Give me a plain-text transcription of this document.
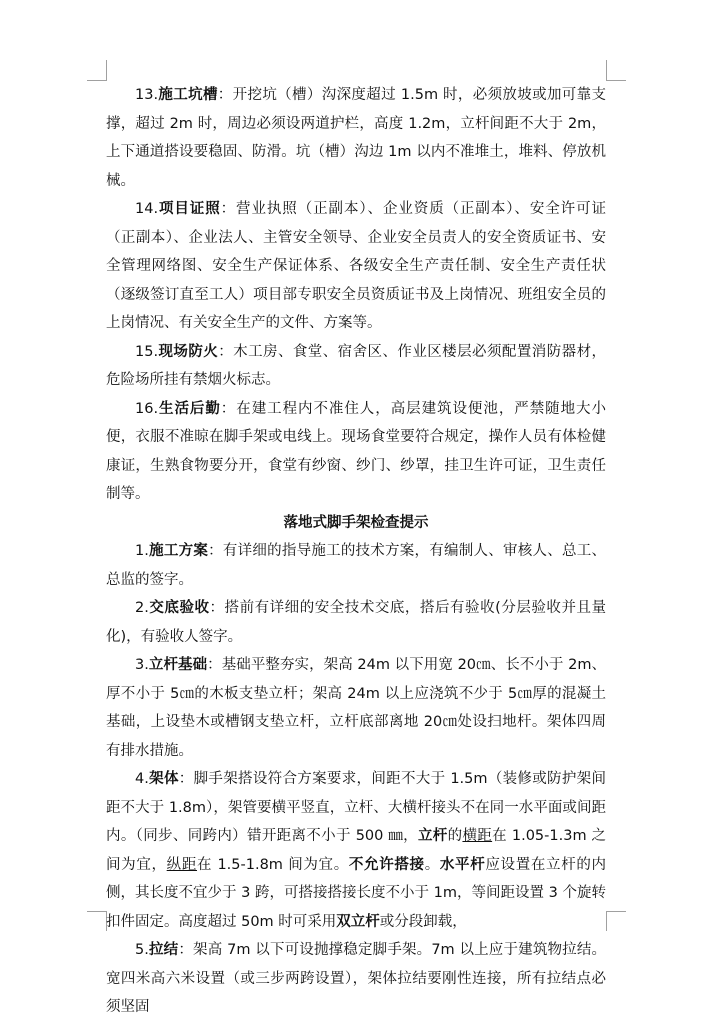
13.施工坑槽：开挖坑（槽）沟深度超过 1.5m 时，必须放坡或加可靠支撑，超过 2m 时，周边必须设两道护栏，高度 1.2m，立杆间距不大于 2m，上下通道搭设要稳固、防滑。坑（槽）沟边 1m 以内不准堆土，堆料、停放机械。

14.项目证照：营业执照（正副本）、企业资质（正副本）、安全许可证（正副本）、企业法人、主管安全领导、企业安全员责人的安全资质证书、安全管理网络图、安全生产保证体系、各级安全生产责任制、安全生产责任状（逐级签订直至工人）项目部专职安全员资质证书及上岗情况、班组安全员的上岗情况、有关安全生产的文件、方案等。

15.现场防火：木工房、食堂、宿舍区、作业区楼层必须配置消防器材，危险场所挂有禁烟火标志。

16.生活后勤：在建工程内不准住人，高层建筑设便池，严禁随地大小便，衣服不准晾在脚手架或电线上。现场食堂要符合规定，操作人员有体检健康证，生熟食物要分开，食堂有纱窗、纱门、纱罩，挂卫生许可证，卫生责任制等。

落地式脚手架检查提示

1.施工方案：有详细的指导施工的技术方案，有编制人、审核人、总工、总监的签字。

2.交底验收：搭前有详细的安全技术交底，搭后有验收(分层验收并且量化)，有验收人签字。

3.立杆基础：基础平整夯实，架高 24m 以下用宽 20㎝、长不小于 2m、厚不小于 5㎝的木板支垫立杆；架高 24m 以上应浇筑不少于 5㎝厚的混凝土基础，上设垫木或槽钢支垫立杆，立杆底部离地 20㎝处设扫地杆。架体四周有排水措施。

4.架体：脚手架搭设符合方案要求，间距不大于 1.5m（装修或防护架间距不大于 1.8m），架管要横平竖直，立杆、大横杆接头不在同一水平面或间距内。（同步、同跨内）错开距离不小于 500 ㎜，立杆的横距在 1.05-1.3m 之间为宜，纵距在 1.5-1.8m 间为宜。不允许搭接。水平杆应设置在立杆的内侧，其长度不宜少于 3 跨，可搭接搭接长度不小于 1m，等间距设置 3 个旋转扣件固定。高度超过 50m 时可采用双立杆或分段卸载，

5.拉结：架高 7m 以下可设抛撑稳定脚手架。7m 以上应于建筑物拉结。宽四米高六米设置（或三步两跨设置），架体拉结要刚性连接，所有拉结点必须坚固
